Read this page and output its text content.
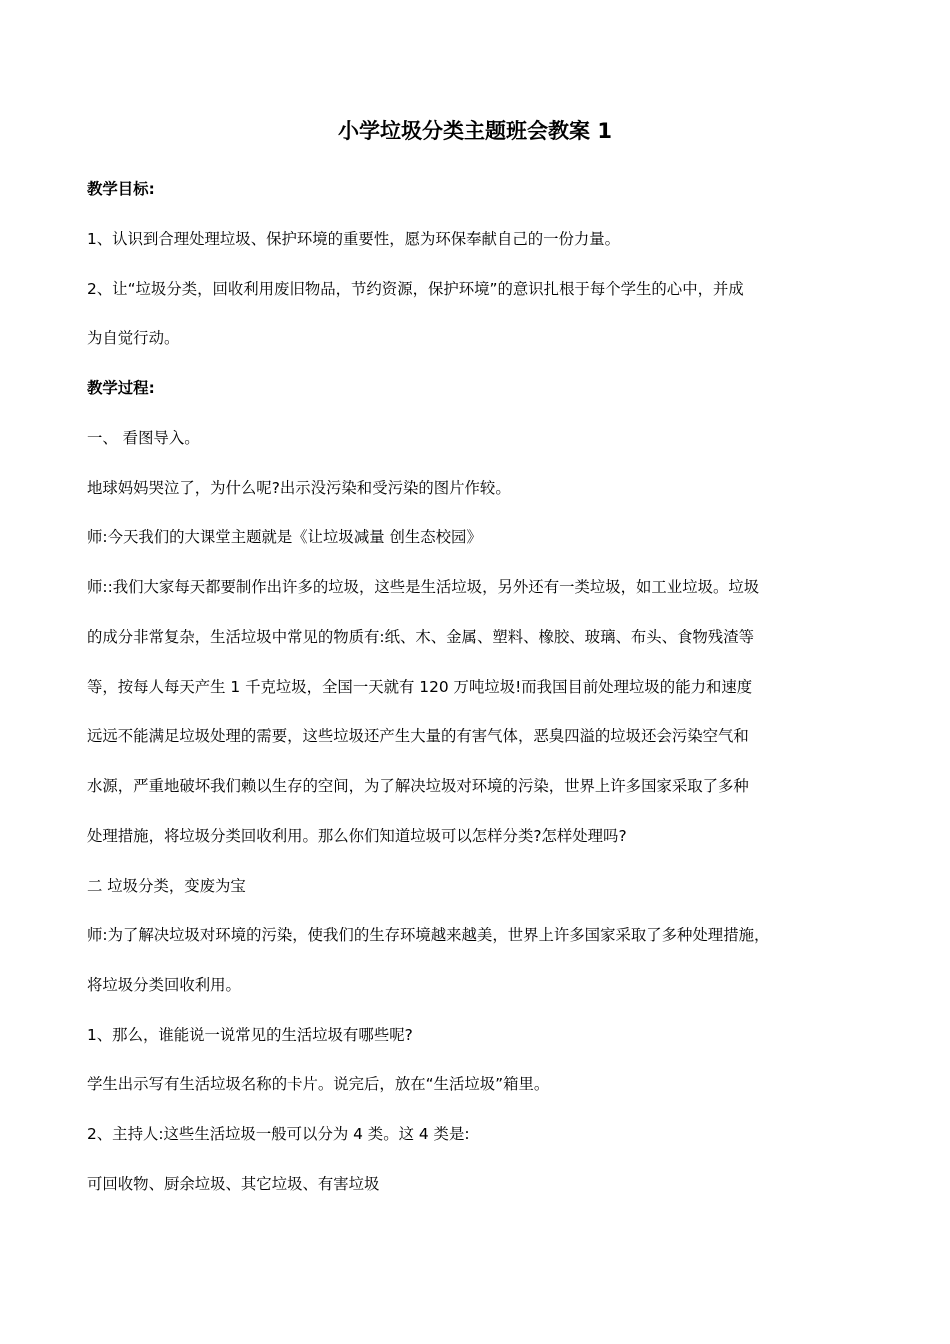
小学垃圾分类主题班会教案 1

教学目标:

1、认识到合理处理垃圾、保护环境的重要性，愿为环保奉献自己的一份力量。

2、让“垃圾分类，回收利用废旧物品，节约资源，保护环境”的意识扎根于每个学生的心中，并成

为自觉行动。

教学过程:

一、 看图导入。

地球妈妈哭泣了，为什么呢?出示没污染和受污染的图片作较。

师:今天我们的大课堂主题就是《让垃圾减量 创生态校园》

师::我们大家每天都要制作出许多的垃圾，这些是生活垃圾，另外还有一类垃圾，如工业垃圾。垃圾

的成分非常复杂，生活垃圾中常见的物质有:纸、木、金属、塑料、橡胶、玻璃、布头、食物残渣等

等，按每人每天产生 1 千克垃圾，全国一天就有 120 万吨垃圾!而我国目前处理垃圾的能力和速度

远远不能满足垃圾处理的需要，这些垃圾还产生大量的有害气体，恶臭四溢的垃圾还会污染空气和

水源，严重地破坏我们赖以生存的空间，为了解决垃圾对环境的污染，世界上许多国家采取了多种

处理措施，将垃圾分类回收利用。那么你们知道垃圾可以怎样分类?怎样处理吗?

二 垃圾分类，变废为宝

师:为了解决垃圾对环境的污染，使我们的生存环境越来越美，世界上许多国家采取了多种处理措施，

将垃圾分类回收利用。

1、那么，谁能说一说常见的生活垃圾有哪些呢?

学生出示写有生活垃圾名称的卡片。说完后，放在“生活垃圾”箱里。

2、主持人:这些生活垃圾一般可以分为 4 类。这 4 类是:

可回收物、厨余垃圾、其它垃圾、有害垃圾
